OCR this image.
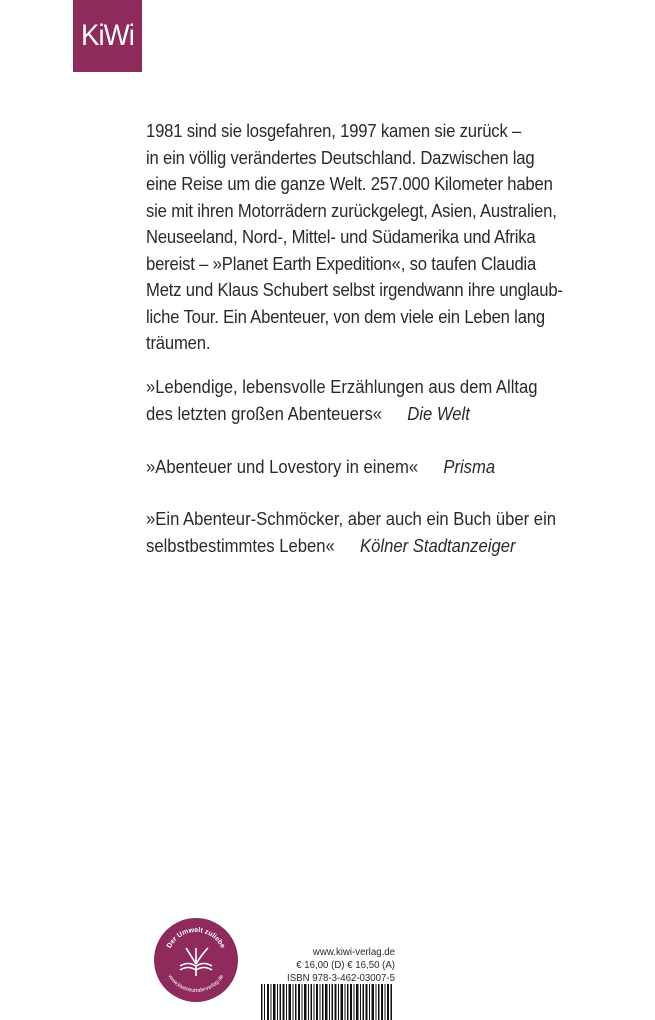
KiWi

1981 sind sie losgefahren, 1997 kamen sie zurück –

in ein völlig verändertes Deutschland. Dazwischen lag

eine Reise um die ganze Welt. 257.000 Kilometer haben

sie mit ihren Motorrädern zurückgelegt, Asien, Australien,

Neuseeland, Nord-, Mittel- und Südamerika und Afrika

bereist – »Planet Earth Expedition«, so taufen Claudia

Metz und Klaus Schubert selbst irgendwann ihre unglaub-

liche Tour. Ein Abenteuer, von dem viele ein Leben lang

träumen.

»Lebendige, lebensvolle Erzählungen aus dem Alltag
des letzten großen Abenteuers« Die Welt
»Abenteuer und Lovestory in einem« Prisma
»Ein Abenteur-Schmöcker, aber auch ein Buch über ein
selbstbestimmtes Leben« Kölner Stadtanzeiger
Der Umwelt zuliebe
www.kiwineutralerverlag.de
www.kiwi-verlag.de
€ 16,00 (D) € 16,50 (A)
ISBN 978-3-462-03007-5
